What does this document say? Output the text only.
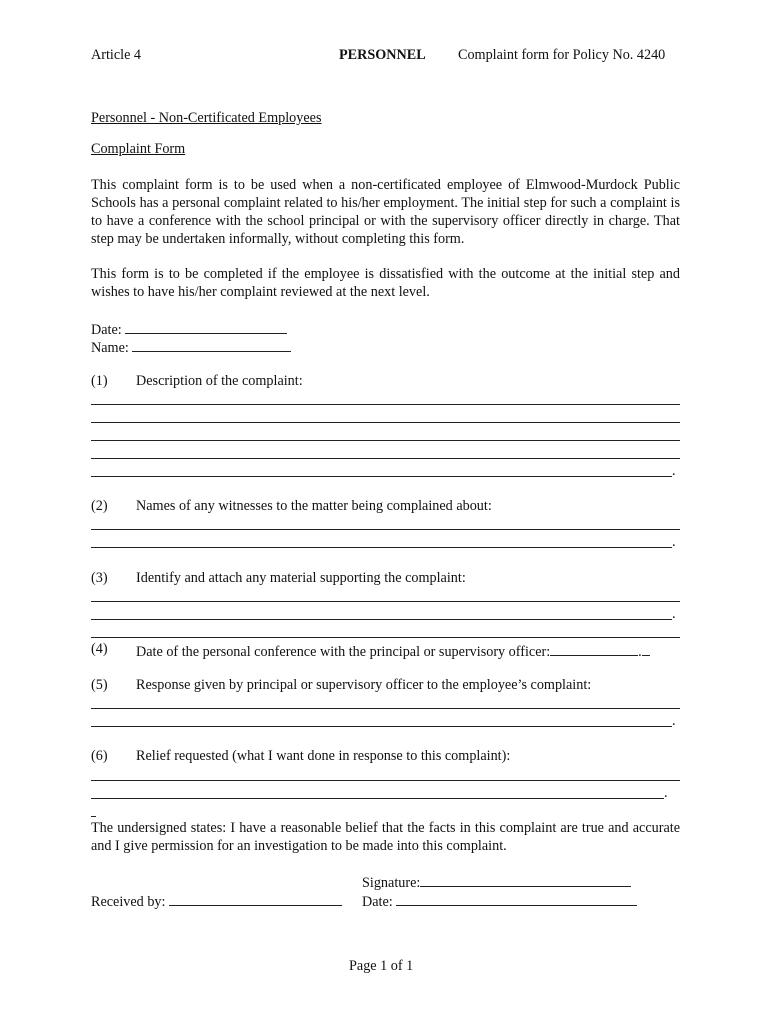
Article 4	PERSONNEL Complaint form for Policy No. 4240
Personnel - Non-Certificated Employees
Complaint Form

This complaint form is to be used when a non-certificated employee of Elmwood-Murdock Public Schools has a personal complaint related to his/her employment. The initial step for such a complaint is to have a conference with the school principal or with the supervisory officer directly in charge. That step may be undertaken informally, without completing this form.

This form is to be completed if the employee is dissatisfied with the outcome at the initial step and wishes to have his/her complaint reviewed at the next level.

Date:
Name:
(1) Description of the complaint:
.
(2) Names of any witnesses to the matter being complained about:
.
(3) Identify and attach any material supporting the complaint:
.
(4) Date of the personal conference with the principal or supervisory officer:	.
(5) Response given by principal or supervisory officer to the employee’s complaint:
.
(6) Relief requested (what I want done in response to this complaint):
.

The undersigned states: I have a reasonable belief that the facts in this complaint are true and accurate and I give permission for an investigation to be made into this complaint.

Signature:
Received by:	Date:
Page 1 of 1
